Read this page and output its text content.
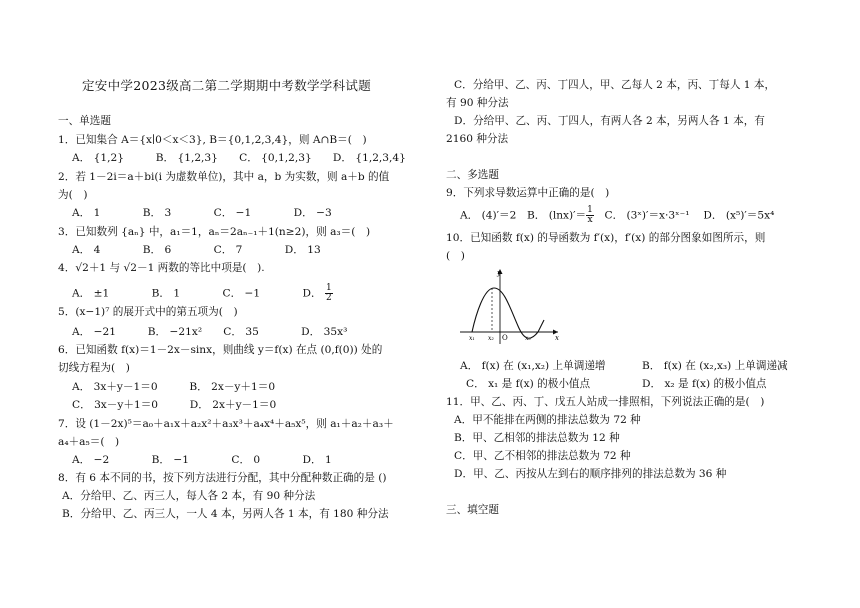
定安中学2023级高二第二学期期中考数学学科试题
一、单选题
1．已知集合 A＝{x∣0＜x＜3}, B＝{0,1,2,3,4}，则 A∩B＝(　)
A． {1,2}　　　B． {1,2,3}　　C． {0,1,2,3}　　D． {1,2,3,4}
2．若 1－2i＝a＋bi(i 为虚数单位)，其中 a，b 为实数，则 a＋b 的值
为(　)
A． 1　　　　B． 3　　　　C． −1　　　　D． −3
3．已知数列 {aₙ} 中，a₁＝1，aₙ＝2aₙ₋₁＋1(n≥2)，则 a₃＝(　)
A． 4　　　　B． 6　　　　C． 7　　　　D． 13
4．√2＋1 与 √2－1 两数的等比中项是(　).
A． ±1　　　　B． 1　　　　C． −1　　　　D． $\frac{1}{2}$
5．(x−1)⁷ 的展开式中的第五项为(　)
A． −21　　　B． −21x²　　C． 35　　　　D． 35x³
6．已知函数 f(x)＝1－2x－sinx，则曲线 y＝f(x) 在点 (0,f(0)) 处的
切线方程为(　)
A． 3x＋y－1＝0　　　B． 2x－y＋1＝0
C． 3x－y＋1＝0　　　D． 2x＋y－1＝0
7．设 (1－2x)⁵＝a₀＋a₁x＋a₂x²＋a₃x³＋a₄x⁴＋a₅x⁵，则 a₁＋a₂＋a₃＋
a₄＋a₅＝(　)
A． −2　　　　B． −1　　　　C． 0　　　　D． 1
8．有 6 本不同的书，按下列方法进行分配，其中分配种数正确的是 ()
A．分给甲、乙、丙三人，每人各 2 本，有 90 种分法
B．分给甲、乙、丙三人，一人 4 本，另两人各 1 本，有 180 种分法
C．分给甲、乙、丙、丁四人，甲、乙每人 2 本，丙、丁每人 1 本，
有 90 种分法
D．分给甲、乙、丙、丁四人，有两人各 2 本，另两人各 1 本，有
2160 种分法
二、多选题
9．下列求导数运算中正确的是(　)
A． (4)′＝2　B． $(\ln x)'= \frac{1}{x}$ 　C． (3ˣ)′＝x·3ˣ⁻¹　 D． (x⁵)′＝5x⁴
10．已知函数 f(x) 的导函数为 f′(x)，f′(x) 的部分图象如图所示，则
(　)
A． f(x) 在 (x₁,x₂) 上单调递增	B． f(x) 在 (x₂,x₃) 上单调递减
C． x₁ 是 f(x) 的极小值点	D． x₂ 是 f(x) 的极小值点
11．甲、乙、丙、丁、戊五人站成一排照相，下列说法正确的是(　)
A．甲不能排在两侧的排法总数为 72 种
B．甲、乙相邻的排法总数为 12 种
C．甲、乙不相邻的排法总数为 72 种
D．甲、乙、丙按从左到右的顺序排列的排法总数为 36 种
三、填空题
y
x
O
x₁ x₂	x₃
